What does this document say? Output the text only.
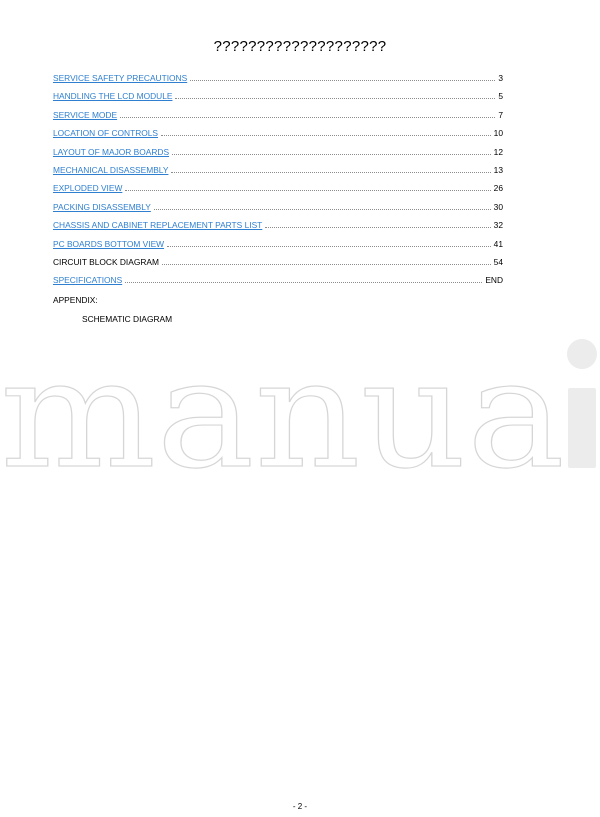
????????????????????
SERVICE SAFETY PRECAUTIONS	3
HANDLING THE LCD MODULE	5
SERVICE MODE	7
LOCATION OF CONTROLS	10
LAYOUT OF MAJOR BOARDS	12
MECHANICAL DISASSEMBLY	13
EXPLODED VIEW	26
PACKING DISASSEMBLY	30
CHASSIS AND CABINET REPLACEMENT PARTS LIST	32
PC BOARDS BOTTOM VIEW	41
CIRCUIT BLOCK DIAGRAM	54
SPECIFICATIONS	END
APPENDIX:
SCHEMATIC DIAGRAM
manua
- 2 -
